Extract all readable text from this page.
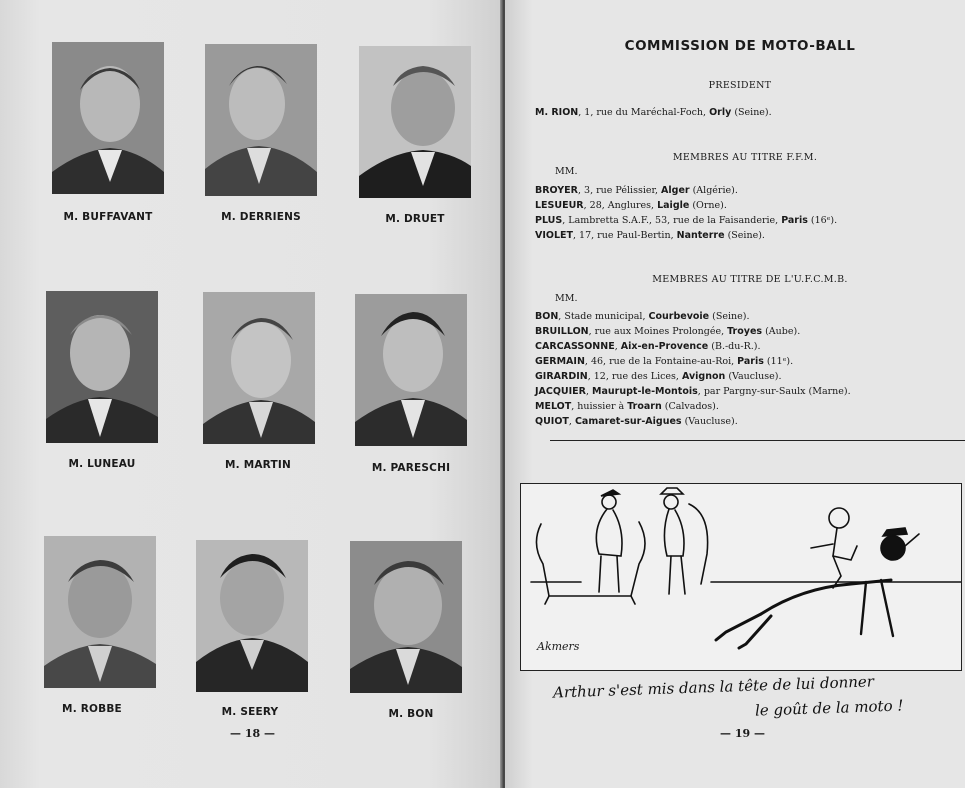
M. BUFFAVANT	M. DERRIENS	M. DRUET
M. LUNEAU	M. MARTIN	M. PARESCHI
M. ROBBE	M. SEERY	M. BON
— 18 —
COMMISSION DE MOTO-BALL
PRESIDENT
M. RION, 1, rue du Maréchal-Foch, Orly (Seine).
MEMBRES AU TITRE F.F.M.
MM.
BROYER, 3, rue Pélissier, Alger (Algérie).
LESUEUR, 28, Anglures, Laigle (Orne).
PLUS, Lambretta S.A.F., 53, rue de la Faisanderie, Paris (16ᵉ).
VIOLET, 17, rue Paul-Bertin, Nanterre (Seine).
MEMBRES AU TITRE DE L'U.F.C.M.B.
MM.
BON, Stade municipal, Courbevoie (Seine).
BRUILLON, rue aux Moines Prolongée, Troyes (Aube).
CARCASSONNE, Aix-en-Provence (B.-du-R.).
GERMAIN, 46, rue de la Fontaine-au-Roi, Paris (11ᵉ).
GIRARDIN, 12, rue des Lices, Avignon (Vaucluse).
JACQUIER, Maurupt-le-Montois, par Pargny-sur-Saulx (Marne).
MELOT, huissier à Troarn (Calvados).
QUIOT, Camaret-sur-Aigues (Vaucluse).
Akmers
Arthur s'est mis dans la tête de lui donner
le goût de la moto !
— 19 —
